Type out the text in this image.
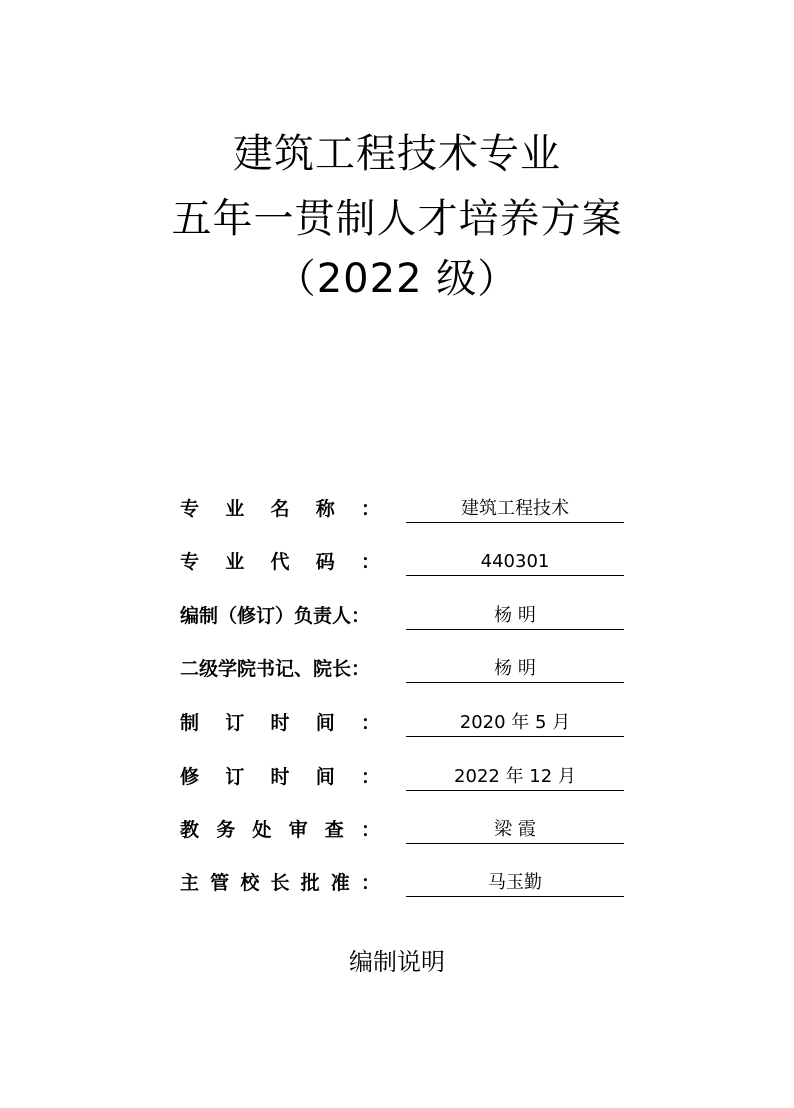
建筑工程技术专业
五年一贯制人才培养方案
（2022 级）
专 业 名 称 ：	建筑工程技术
专 业 代 码 ：	440301
编制（修订）负责人：	杨 明
二级学院书记、院长：	杨 明
制 订 时 间 ：	2020 年 5 月
修 订 时 间 ：	2022 年 12 月
教 务 处 审 查 ：	梁 霞
主 管 校 长 批 准 ：	马玉勤
编制说明
